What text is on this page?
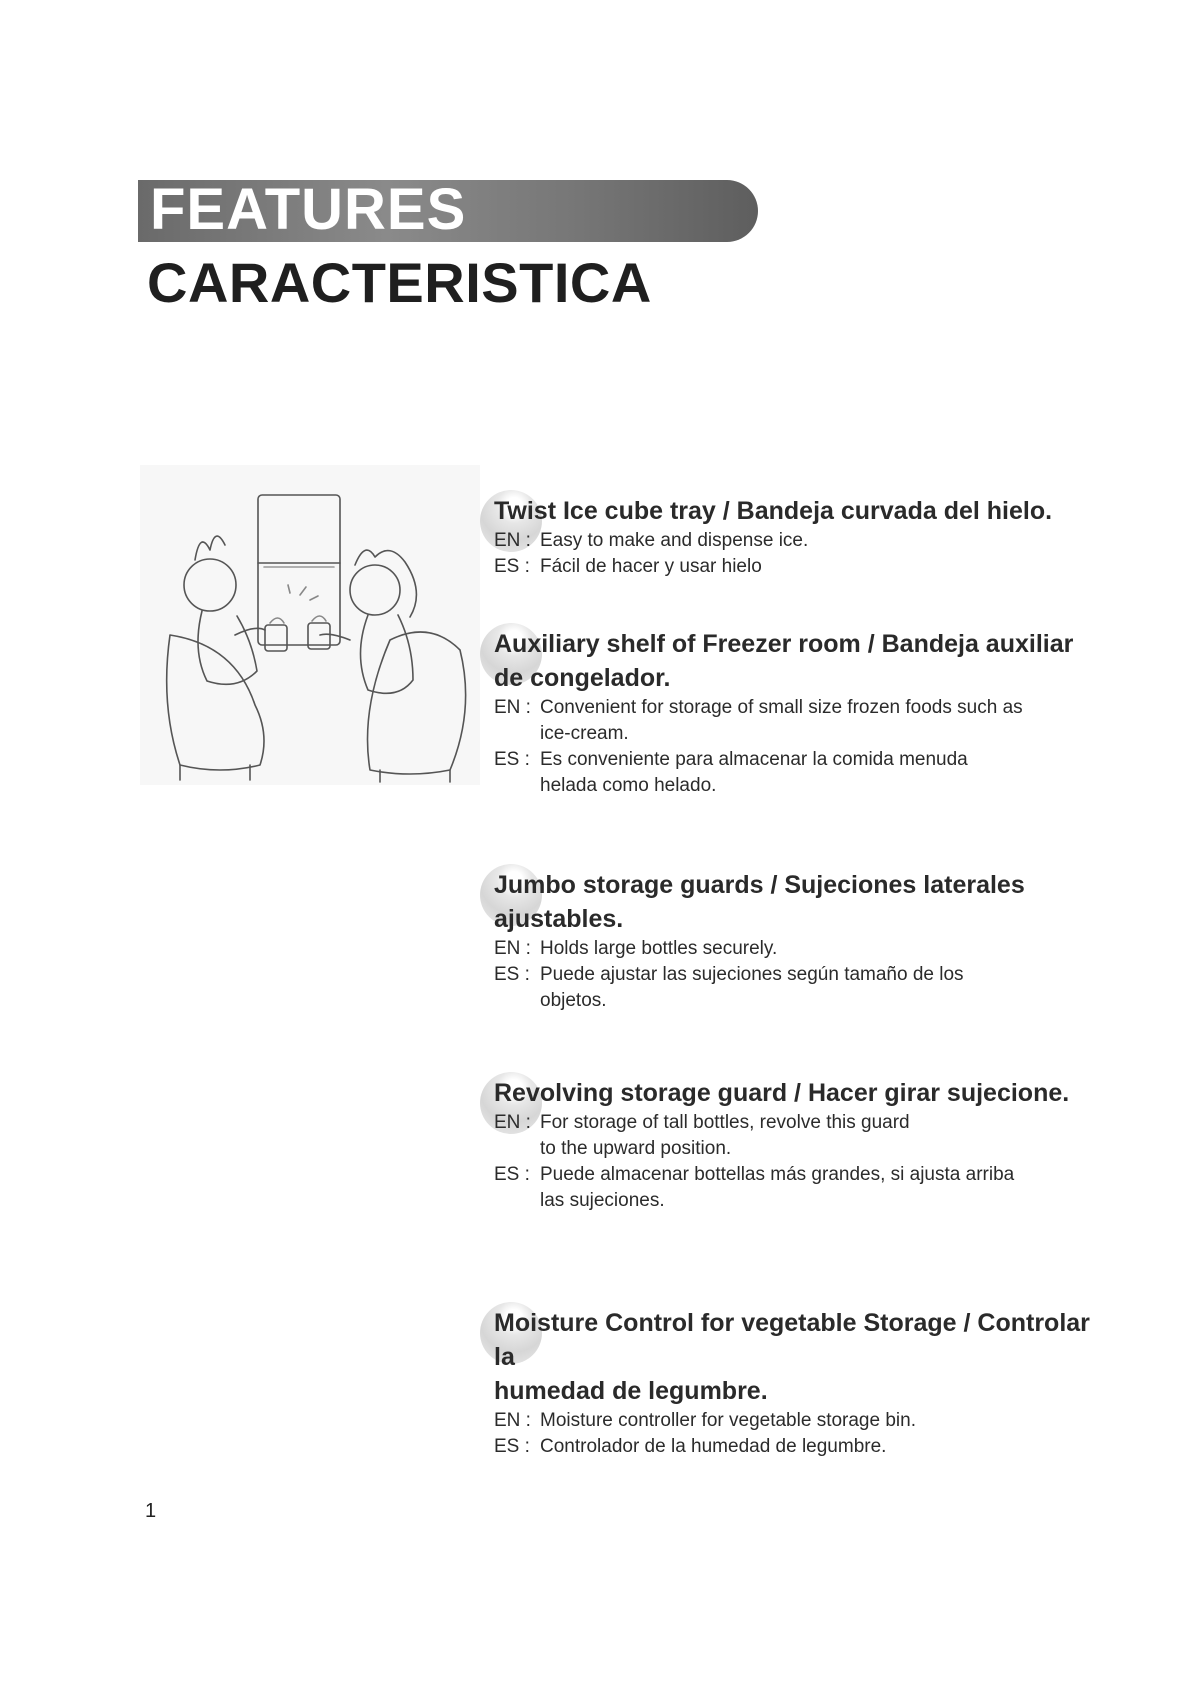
FEATURES
CARACTERISTICA
Twist Ice cube tray / Bandeja curvada del hielo.
EN : Easy to make and dispense ice.
ES : Fácil de hacer y usar hielo
Auxiliary shelf of Freezer room / Bandeja auxiliar
de congelador.
EN : Convenient for storage of small size frozen foods such as
ice-cream.
ES : Es conveniente para almacenar la comida menuda
helada como helado.
Jumbo storage guards / Sujeciones laterales
ajustables.
EN : Holds large bottles securely.
ES : Puede ajustar las sujeciones según tamaño de los
objetos.
Revolving storage guard / Hacer girar sujecione.
EN : For storage of tall bottles, revolve this guard
to the upward position.
ES : Puede almacenar bottellas más grandes, si ajusta arriba
las sujeciones.
Moisture Control for vegetable Storage / Controlar la
humedad de legumbre.
EN : Moisture controller for vegetable storage bin.
ES : Controlador de la humedad de legumbre.
1
